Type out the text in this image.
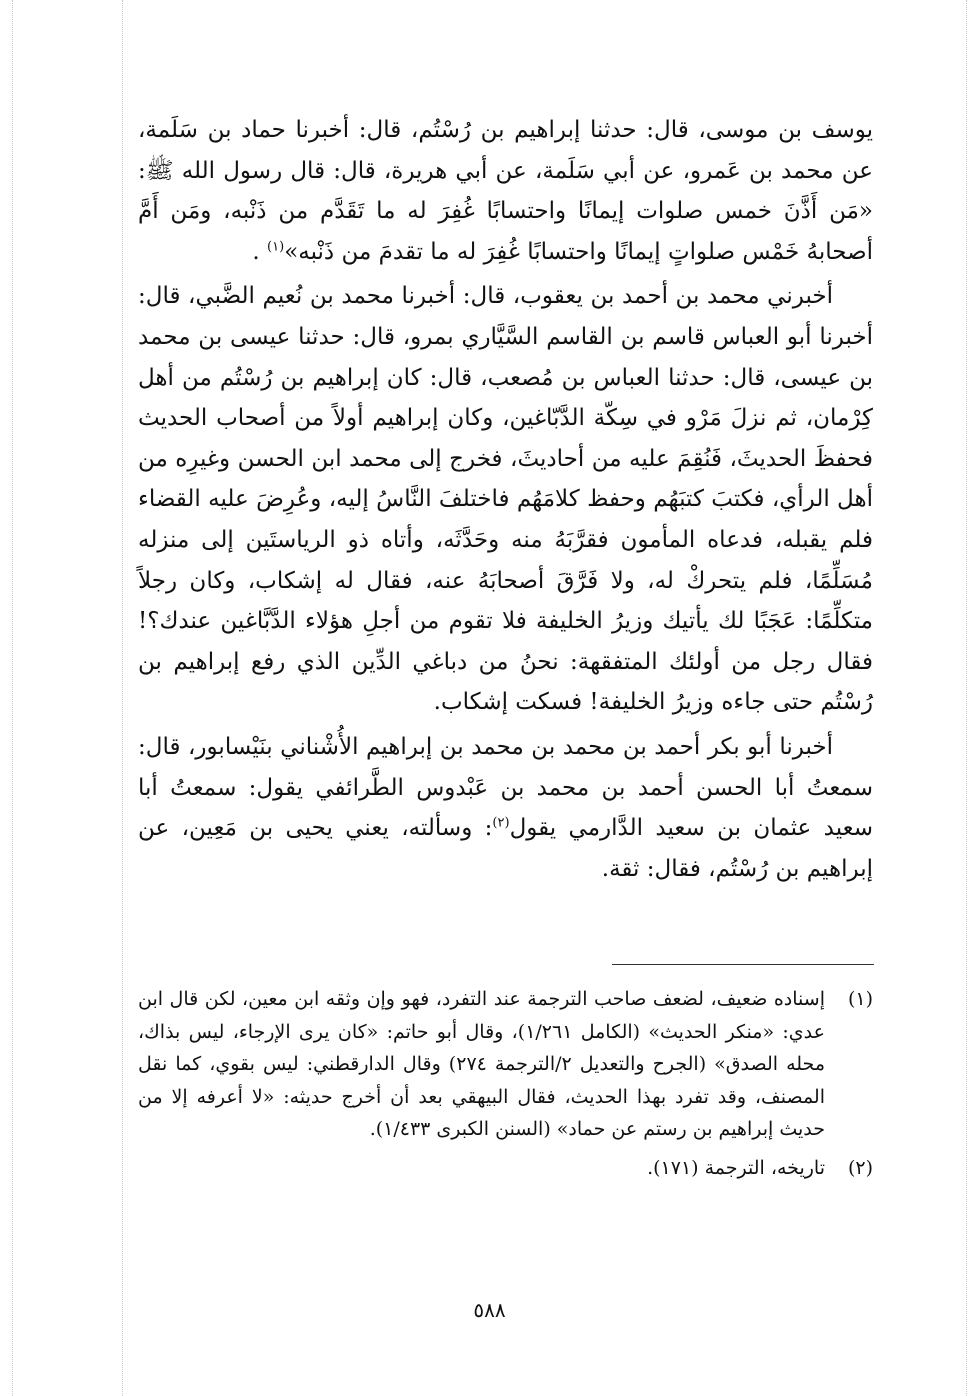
يوسف بن موسى، قال: حدثنا إبراهيم بن رُسْتُم، قال: أخبرنا حماد بن سَلَمة، عن محمد بن عَمرو، عن أبي سَلَمة، عن أبي هريرة، قال: قال رسول الله ﷺ: «مَن أَذَّنَ خمس صلوات إيمانًا واحتسابًا غُفِرَ له ما تَقَدَّم من ذَنْبه، ومَن أَمَّ أصحابهُ خَمْس صلواتٍ إيمانًا واحتسابًا غُفِرَ له ما تقدمَ من ذَنْبه»$^{(١)}$ .

أخبرني محمد بن أحمد بن يعقوب، قال: أخبرنا محمد بن نُعيم الضَّبي، قال: أخبرنا أبو العباس قاسم بن القاسم السَّيَّاري بمرو، قال: حدثنا عيسى بن محمد بن عيسى، قال: حدثنا العباس بن مُصعب، قال: كان إبراهيم بن رُسْتُم من أهل كِرْمان، ثم نزلَ مَرْو في سِكّة الدَّبّاغين، وكان إبراهيم أولاً من أصحاب الحديث فحفظَ الحديثَ، فَنُقِمَ عليه من أحاديثَ، فخرج إلى محمد ابن الحسن وغيرِه من أهل الرأي، فكتبَ كتبَهُم وحفظ كلامَهُم فاختلفَ النَّاسُ إليه، وعُرِضَ عليه القضاء فلم يقبله، فدعاه المأمون فقرَّبَهُ منه وحَدَّثَه، وأتاه ذو الرياستَين إلى منزله مُسَلِّمًا، فلم يتحركْ له، ولا فَرَّقَ أصحابَهُ عنه، فقال له إشكاب، وكان رجلاً متكلِّمًا: عَجَبًا لك يأتيك وزيرُ الخليفة فلا تقوم من أجلِ هؤلاء الدَّبَّاغين عندك؟! فقال رجل من أولئك المتفقهة: نحنُ من دباغي الدِّين الذي رفع إبراهيم بن رُسْتُم حتى جاءه وزيرُ الخليفة! فسكت إشكاب.

أخبرنا أبو بكر أحمد بن محمد بن محمد بن إبراهيم الأُشْناني بنَيْسابور، قال: سمعتُ أبا الحسن أحمد بن محمد بن عَبْدوس الطَّرائفي يقول: سمعتُ أبا سعيد عثمان بن سعيد الدَّارمي يقول$^{(٢)}$: وسألته، يعني يحيى بن مَعِين، عن إبراهيم بن رُسْتُم، فقال: ثقة.

(١)
إسناده ضعيف، لضعف صاحب الترجمة عند التفرد، فهو وإن وثقه ابن معين، لكن قال ابن عدي: «منكر الحديث» (الكامل ١/٢٦١)، وقال أبو حاتم: «كان يرى الإرجاء، ليس بذاك، محله الصدق» (الجرح والتعديل ٢/الترجمة ٢٧٤) وقال الدارقطني: ليس بقوي، كما نقل المصنف، وقد تفرد بهذا الحديث، فقال البيهقي بعد أن أخرج حديثه: «لا أعرفه إلا من حديث إبراهيم بن رستم عن حماد» (السنن الكبرى ١/٤٣٣).
(٢)
تاريخه، الترجمة (١٧١).
٥٨٨
